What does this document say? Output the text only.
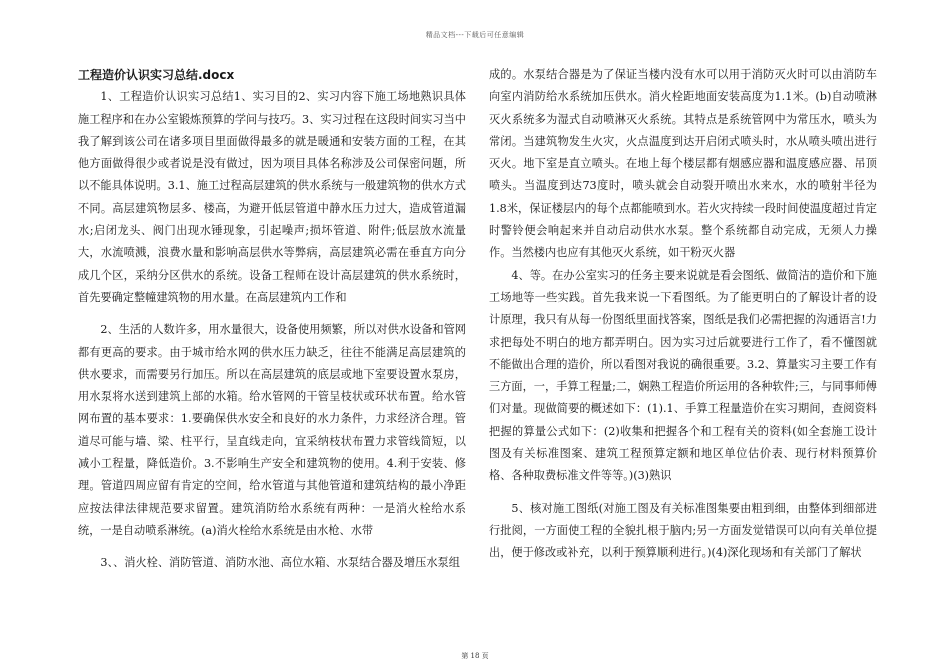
精品文档---下载后可任意编辑

工程造价认识实习总结.docx

1、工程造价认识实习总结1、实习目的2、实习内容下施工场地熟识具体施工程序和在办公室锻炼预算的学问与技巧。3、实习过程在这段时间实习当中我了解到该公司在诸多项目里面做得最多的就是暖通和安装方面的工程，在其他方面做得很少或者说是没有做过，因为项目具体名称涉及公司保密问题，所以不能具体说明。3.1、施工过程高层建筑的供水系统与一般建筑物的供水方式不同。高层建筑物层多、楼高，为避开低层管道中静水压力过大，造成管道漏水;启闭龙头、阀门出现水锤现象，引起噪声;损坏管道、附件;低层放水流量大，水流喷溅，浪费水量和影响高层供水等弊病，高层建筑必需在垂直方向分成几个区，采纳分区供水的系统。设备工程师在设计高层建筑的供水系统时，首先要确定整幢建筑物的用水量。在高层建筑内工作和

2、生活的人数许多，用水量很大，设备使用频繁，所以对供水设备和管网都有更高的要求。由于城市给水网的供水压力缺乏，往往不能满足高层建筑的供水要求，而需要另行加压。所以在高层建筑的底层或地下室要设置水泵房，用水泵将水送到建筑上部的水箱。给水管网的干管呈枝状或环状布置。给水管网布置的基本要求：1.要确保供水安全和良好的水力条件，力求经济合理。管道尽可能与墙、梁、柱平行，呈直线走向，宜采纳枝状布置力求管线简短，以减小工程量，降低造价。3.不影响生产安全和建筑物的使用。4.利于安装、修理。管道四周应留有肯定的空间，给水管道与其他管道和建筑结构的最小净距应按法律法律规范要求留置。建筑消防给水系统有两种：一是消火栓给水系统，一是自动喷系淋统。(a)消火栓给水系统是由水枪、水带

3、、消火栓、消防管道、消防水池、高位水箱、水泵结合器及增压水泵组

成的。水泵结合器是为了保证当楼内没有水可以用于消防灭火时可以由消防车向室内消防给水系统加压供水。消火栓距地面安装高度为1.1米。(b)自动喷淋灭火系统多为湿式自动喷淋灭火系统。其特点是系统管网中为常压水，喷头为常闭。当建筑物发生火灾，火点温度到达开启闭式喷头时，水从喷头喷出进行灭火。地下室是直立喷头。在地上每个楼层都有烟感应器和温度感应器、吊顶喷头。当温度到达73度时，喷头就会自动裂开喷出水来水，水的喷射半径为1.8米，保证楼层内的每个点都能喷到水。若火灾持续一段时间使温度超过肯定时警铃便会响起来并自动启动供水水泵。整个系统都自动完成，无须人力操作。当然楼内也应有其他灭火系统，如干粉灭火器

4、等。在办公室实习的任务主要来说就是看会图纸、做简洁的造价和下施工场地等一些实践。首先我来说一下看图纸。为了能更明白的了解设计者的设计原理，我只有从每一份图纸里面找答案，图纸是我们必需把握的沟通语言!力求把每处不明白的地方都弄明白。因为实习过后就要进行工作了，看不懂图就不能做出合理的造价，所以看图对我说的确很重要。3.2、算量实习主要工作有三方面，一，手算工程量;二，娴熟工程造价所运用的各种软件;三，与同事师傅们对量。现做简要的概述如下：(1).1、手算工程量造价在实习期间，查阅资料把握的算量公式如下：(2)收集和把握各个和工程有关的资料(如全套施工设计图及有关标准图案、建筑工程预算定额和地区单位估价表、现行材料预算价格、各种取费标准文件等等。)(3)熟识

5、核对施工图纸(对施工图及有关标准图集要由粗到细，由整体到细部进行批阅，一方面使工程的全貌扎根于脑内;另一方面发觉错误可以向有关单位提出，便于修改或补充，以利于预算顺利进行。)(4)深化现场和有关部门了解状

第 18 页
